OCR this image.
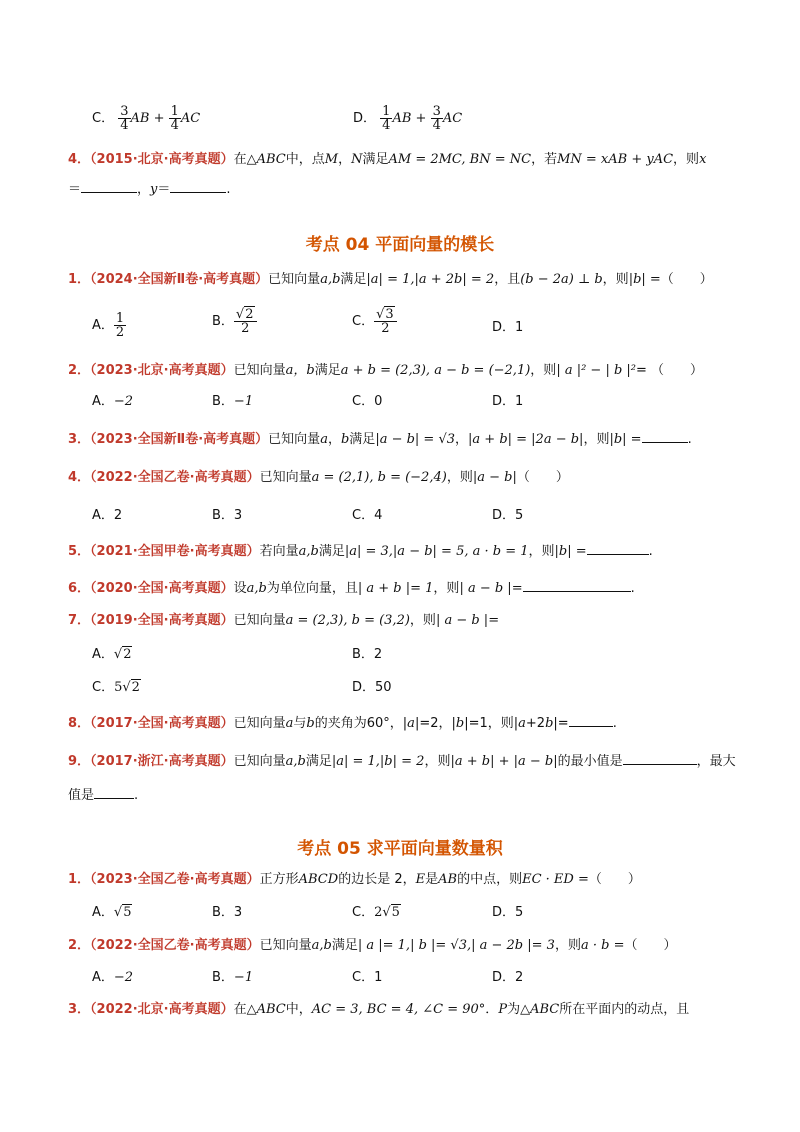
C． $\frac{3}{4}$ AB + $\frac{1}{4}$ AC	D． $\frac{1}{4}$ AB + $\frac{3}{4}$ AC
4．（2015·北京·高考真题）在△ABC中，点M，N满足AM = 2MC, BN = NC，若MN = xAB + yAC，则x
＝	，y＝	.
考点 04 平面向量的模长
1．（2024·全国新Ⅱ卷·高考真题）已知向量a,b满足|a| = 1,|a + 2b| = 2，且(b − 2a) ⊥ b，则|b| =（　　）
A． $\frac{1}{2}$	B． $\frac{√2}{2}$	C． $\frac{√3}{2}$	D．1
2．（2023·北京·高考真题）已知向量a，b满足a + b = (2,3), a − b = (−2,1)，则| a |² − | b |²= （　　）
A．−2	B．−1	C．0	D．1
3．（2023·全国新Ⅱ卷·高考真题）已知向量a，b满足|a − b| = √3，|a + b| = |2a − b|，则|b| =	.
4．（2022·全国乙卷·高考真题）已知向量a = (2,1), b = (−2,4)，则|a − b|（　　）
A．2	B．3	C．4	D．5
5．（2021·全国甲卷·高考真题）若向量a,b满足|a| = 3,|a − b| = 5, a · b = 1，则|b| =	.
6．（2020·全国·高考真题）设a,b为单位向量，且| a + b |= 1，则| a − b |=	.
7．（2019·全国·高考真题）已知向量a = (2,3), b = (3,2)，则| a − b |=
A．√2	B．2
C．5√2	D．50
8．（2017·全国·高考真题）已知向量a与b的夹角为60°，|a|=2，|b|=1，则|a+2b|=	.
9．（2017·浙江·高考真题）已知向量a,b满足|a| = 1,|b| = 2，则|a + b| + |a − b|的最小值是	，最大
值是	.
考点 05 求平面向量数量积
1．（2023·全国乙卷·高考真题）正方形ABCD的边长是 2，E是AB的中点，则EC · ED =（　　）
A．√5	B．3	C．2√5	D．5
2．（2022·全国乙卷·高考真题）已知向量a,b满足| a |= 1,| b |= √3,| a − 2b |= 3，则a · b =（　　）
A．−2	B．−1	C．1	D．2
3．（2022·北京·高考真题）在△ABC中，AC = 3, BC = 4, ∠C = 90°．P为△ABC所在平面内的动点，且
